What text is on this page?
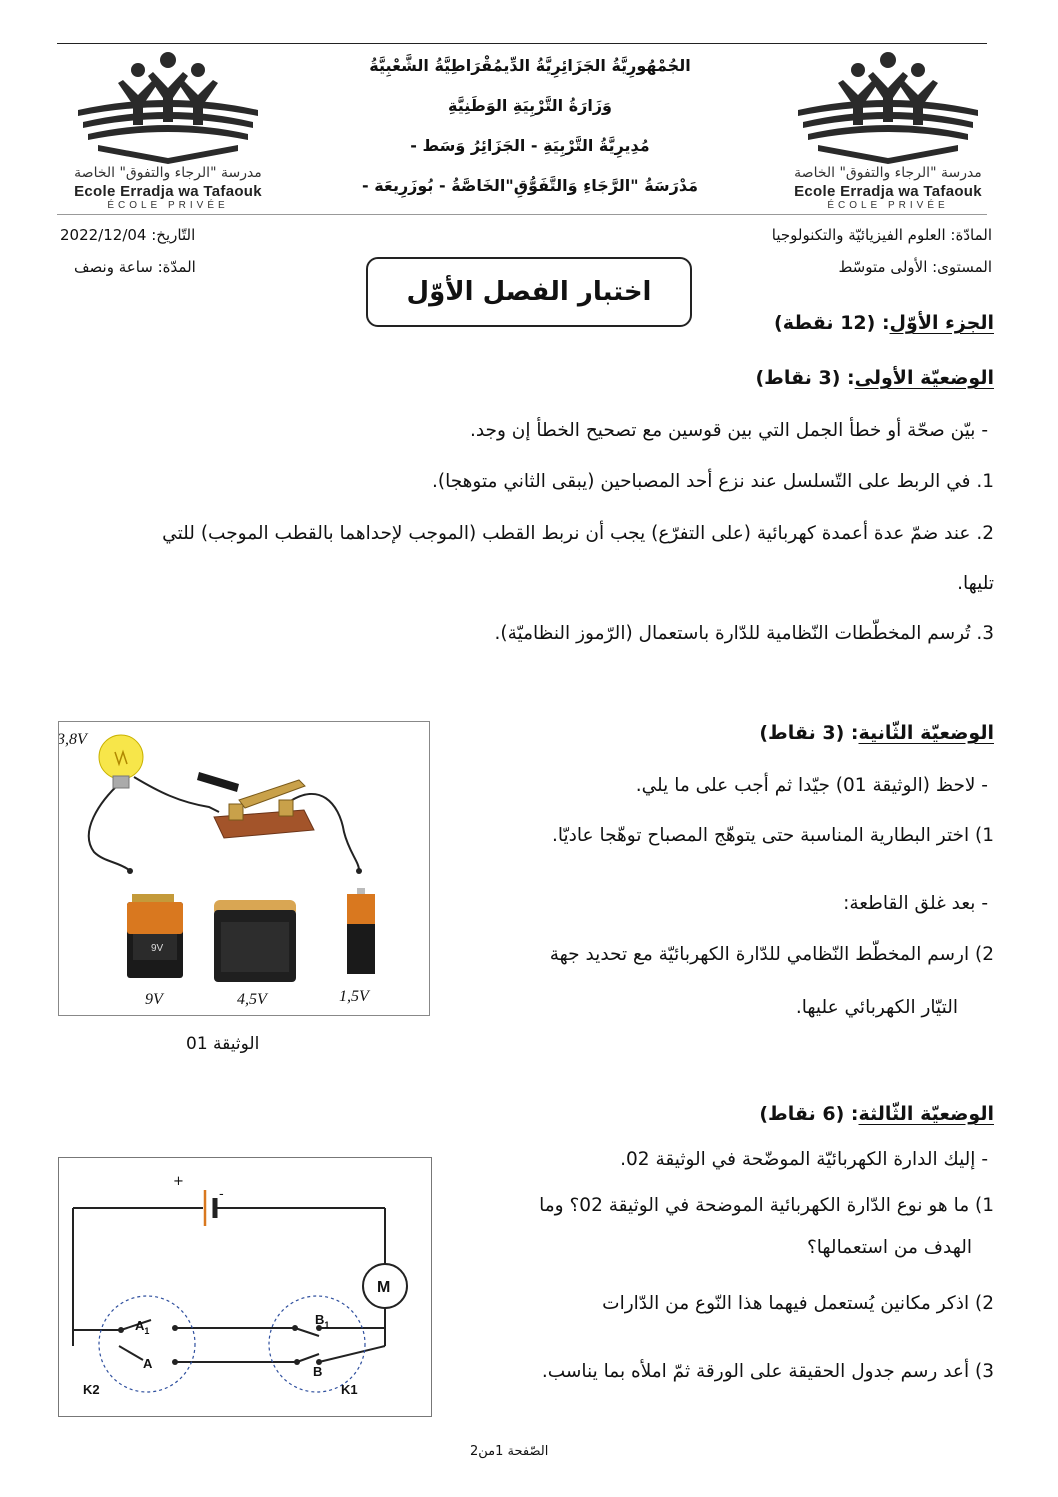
مدرسة "الرجاء والتفوق" الخاصة
Ecole Erradja wa Tafaouk
ÉCOLE PRIVÉE
مدرسة "الرجاء والتفوق" الخاصة
Ecole Erradja wa Tafaouk
ÉCOLE PRIVÉE
الجُمْهُورِيَّةُ الجَزَائِرِيَّةُ الدِّيمُقْرَاطِيَّةُ الشَّعْبِيَّةُ
وَزَارَةُ التَّرْبِيَةِ الوَطَنِيَّةِ
مُدِيرِيَّةُ التَّرْبِيَةِ - الجَزَائِرُ وَسَط -
مَدْرَسَةُ "الرَّجَاءِ وَالتَّفَوُّقِ"الخَاصَّةُ - بُوزَرِيعَة -
المادّة: العلوم الفيزيائيّة والتكنولوجيا
المستوى: الأولى متوسّط
التّاريخ: 2022/12/04
المدّة: ساعة ونصف
اختبار الفصل الأوّل
الجزء الأوّل: (12 نقطة)
الوضعيّة الأولى: (3 نقاط)
- بيّن صحّة أو خطأ الجمل التي بين قوسين مع تصحيح الخطأ إن وجد.
1. في الربط على التّسلسل عند نزع أحد المصباحين (يبقى الثاني متوهجا).
2. عند ضمّ عدة أعمدة كهربائية (على التفرّع) يجب أن نربط القطب (الموجب لإحداهما بالقطب الموجب) للتي
تليها.
3. تُرسم المخطّطات النّظامية للدّارة باستعمال (الرّموز النظاميّة).
الوضعيّة الثّانية: (3 نقاط)
- لاحظ (الوثيقة 01) جيّدا ثم أجب على ما يلي.
1) اختر البطارية المناسبة حتى يتوهّج المصباح توهّجا عاديّا.
- بعد غلق القاطعة:
2) ارسم المخطّط النّظامي للدّارة الكهربائيّة مع تحديد جهة
التيّار الكهربائي عليها.
9V
3,8V
9V	4,5V	1,5V
الوثيقة 01
الوضعيّة الثّالثة: (6 نقاط)
- إليك الدارة الكهربائيّة الموضّحة في الوثيقة 02.
1) ما هو نوع الدّارة الكهربائية الموضحة في الوثيقة 02؟ وما
الهدف من استعمالها؟
2) اذكر مكانين يُستعمل فيهما هذا النّوع من الدّارات
3) أعد رسم جدول الحقيقة على الورقة ثمّ املأه بما يناسب.
+
-
M
$A_1$
A
$B_1$
B
K2	K1
الصّفحة 1من2
